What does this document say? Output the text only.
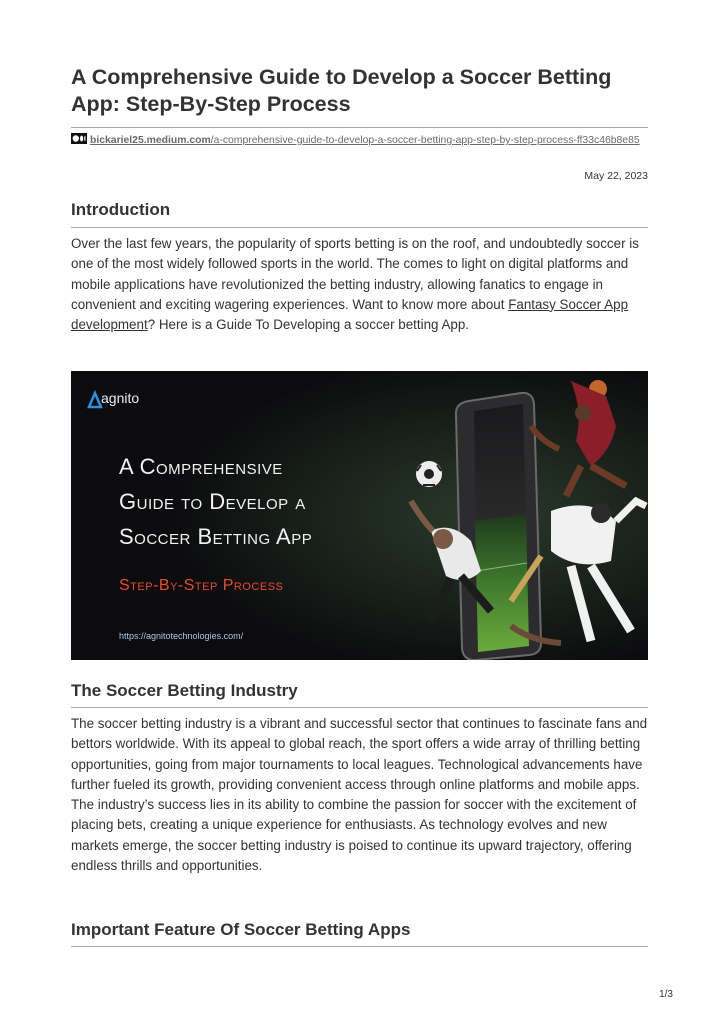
A Comprehensive Guide to Develop a Soccer Betting App: Step-By-Step Process
bickariel25.medium.com/a-comprehensive-guide-to-develop-a-soccer-betting-app-step-by-step-process-ff33c46b8e85
May 22, 2023
Introduction

Over the last few years, the popularity of sports betting is on the roof, and undoubtedly soccer is one of the most widely followed sports in the world. The comes to light on digital platforms and mobile applications have revolutionized the betting industry, allowing fanatics to engage in convenient and exciting wagering experiences. Want to know more about Fantasy Soccer App development? Here is a Guide To Developing a soccer betting App.

agnito
A Comprehensive
Guide to Develop a
Soccer Betting App
Step-By-Step Process
https://agnitotechnologies.com/
The Soccer Betting Industry

The soccer betting industry is a vibrant and successful sector that continues to fascinate fans and bettors worldwide. With its appeal to global reach, the sport offers a wide array of thrilling betting opportunities, going from major tournaments to local leagues. Technological advancements have further fueled its growth, providing convenient access through online platforms and mobile apps. The industry’s success lies in its ability to combine the passion for soccer with the excitement of placing bets, creating a unique experience for enthusiasts. As technology evolves and new markets emerge, the soccer betting industry is poised to continue its upward trajectory, offering endless thrills and opportunities.

Important Feature Of Soccer Betting Apps
1/3
